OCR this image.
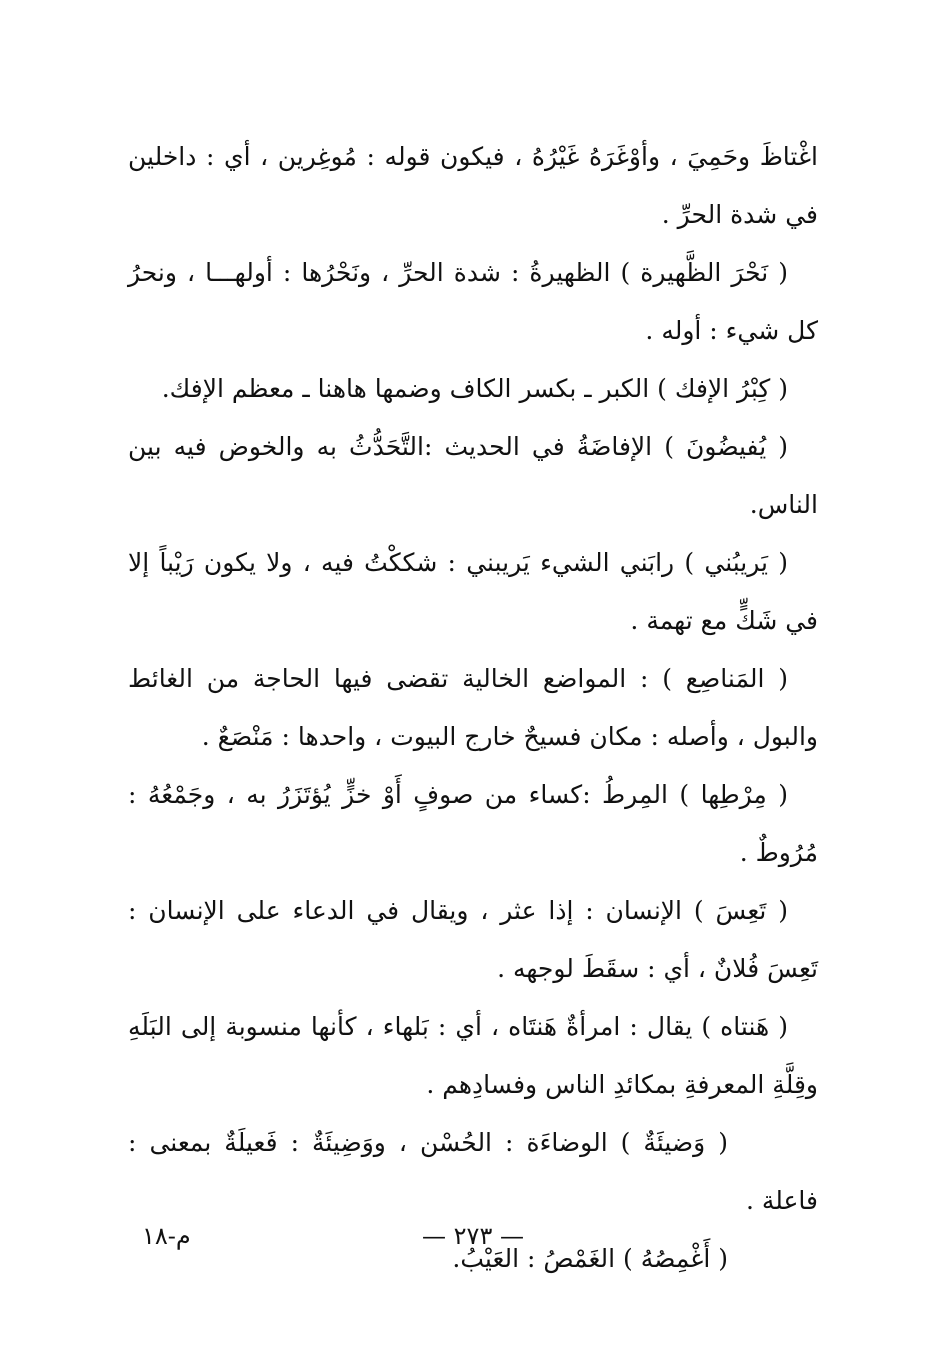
اغْتاظَ وحَمِيَ ، وأوْغَرَهُ غَيْرُهُ ، فيكون قوله : مُوغِرين ، أي : داخلين في شدة الحرِّ .

( نَحْرَ الظَّهيرة ) الظهيرةُ : شدة الحرِّ ، ونَحْرُها : أولهـــا ، ونحرُ كل شيء : أوله .

( كِبْرُ الإفك ) الكبر ـ بكسر الكاف وضمها هاهنا ـ معظم الإفك.

( يُفيضُونَ ) الإفاضَةُ في الحديث :التَّحَدُّثُ به والخوض فيه بين الناس.

( يَريبُني ) رابَني الشيء يَريبني : شككْتُ فيه ، ولا يكون رَيْباً إلا في شَكٍّ مع تهمة .

( المَناصِع ) : المواضع الخالية تقضى فيها الحاجة من الغائط والبول ، وأصله : مكان فسيحٌ خارج البيوت ، واحدها : مَنْصَعٌ .

( مِرْطِها ) المِرطُ :كساء من صوفٍ أَوْ خزٍّ يُؤتَزَرُ به ، وجَمْعُهُ : مُرُوطٌ .

( تَعِسَ ) الإنسان : إذا عثر ، ويقال في الدعاء على الإنسان : تَعِسَ فُلانٌ ، أي : سقَطَ لوجهه .

( هَنتاه ) يقال : امرأةٌ هَنتَاه ، أي : بَلهاء ، كأنها منسوبة إلى البَلَهِ وقِلَّةِ المعرفةِ بمكائدِ الناس وفسادِهم .

( وَضيئَةٌ ) الوضاءَة : الحُسْن ، ووَضِيئَةٌ : فَعيلَةٌ بمعنى : فاعلة .

( أَغْمِصُهُ ) الغَمْصُ : العَيْبُ.

— ٢٧٣ —
م-١٨
